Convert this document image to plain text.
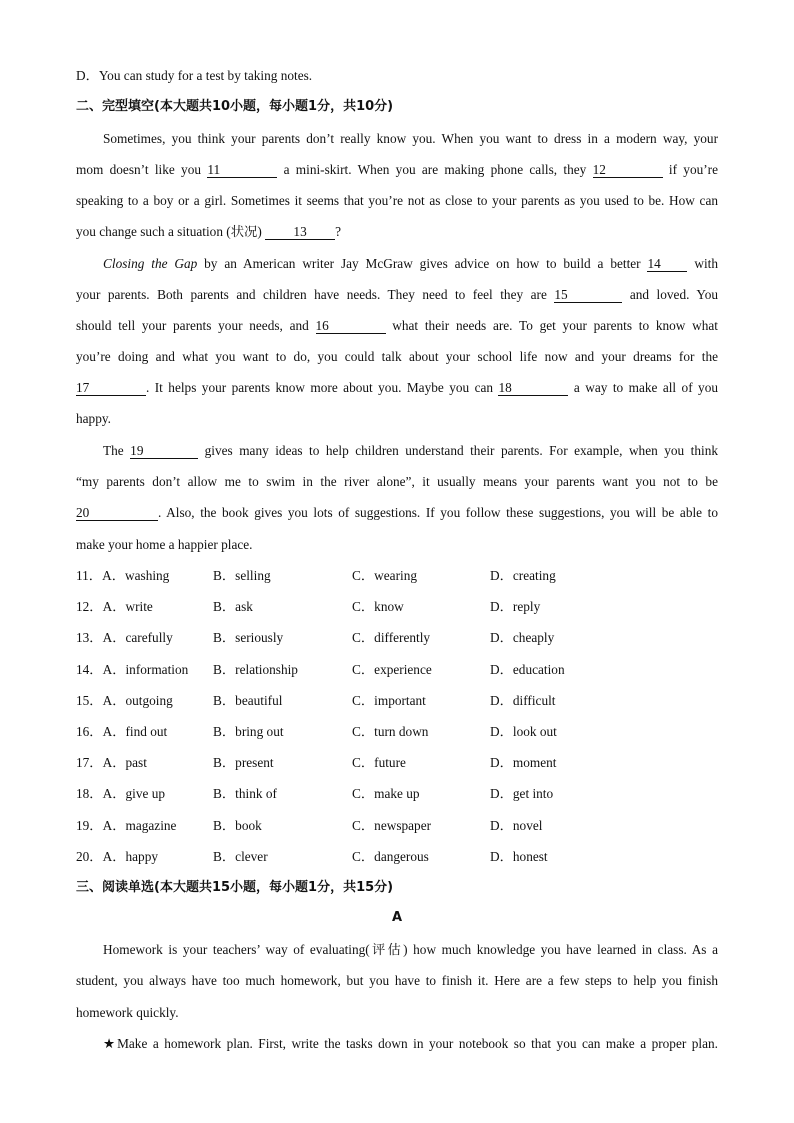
D．You can study for a test by taking notes.
二、完型填空(本大题共10小题，每小题1分，共10分)
Sometimes, you think your parents don’t really know you. When you want to dress in a modern way, your
mom doesn’t like you 11	a mini-skirt. When you are making phone calls, they 12	if you’re
speaking to a boy or a girl. Sometimes it seems that you’re not as close to your parents as you used to be. How can
you change such a situation (状况) 13 ?
Closing the Gap by an American writer Jay McGraw gives advice on how to build a better 14	with
your parents. Both parents and children have needs. They need to feel they are 15	and loved. You
should tell your parents your needs, and 16	what their needs are. To get your parents to know what
you’re doing and what you want to do, you could talk about your school life now and your dreams for the
17	. It helps your parents know more about you. Maybe you can 18	a way to make all of you
happy.
The 19	gives many ideas to help children understand their parents. For example, when you think
“my parents don’t allow me to swim in the river alone”, it usually means your parents want you not to be
20	. Also, the book gives you lots of suggestions. If you follow these suggestions, you will be able to
make your home a happier place.
11．A．washing	B．selling	C．wearing	D．creating
12．A．write	B．ask	C．know	D．reply
13．A．carefully	B．seriously	C．differently	D．cheaply
14．A．information B．relationship	C．experience	D．education
15．A．outgoing	B．beautiful	C．important	D．difficult
16．A．find out	B．bring out	C．turn down	D．look out
17．A．past	B．present	C．future	D．moment
18．A．give up	B．think of	C．make up	D．get into
19．A．magazine	B．book	C．newspaper	D．novel
20．A．happy	B．clever	C．dangerous	D．honest
三、阅读单选(本大题共15小题，每小题1分，共15分)
A
Homework is your teachers’ way of evaluating(评估) how much knowledge you have learned in class. As a
student, you always have too much homework, but you have to finish it. Here are a few steps to help you finish
homework quickly.
★Make a homework plan. First, write the tasks down in your notebook so that you can make a proper plan.
